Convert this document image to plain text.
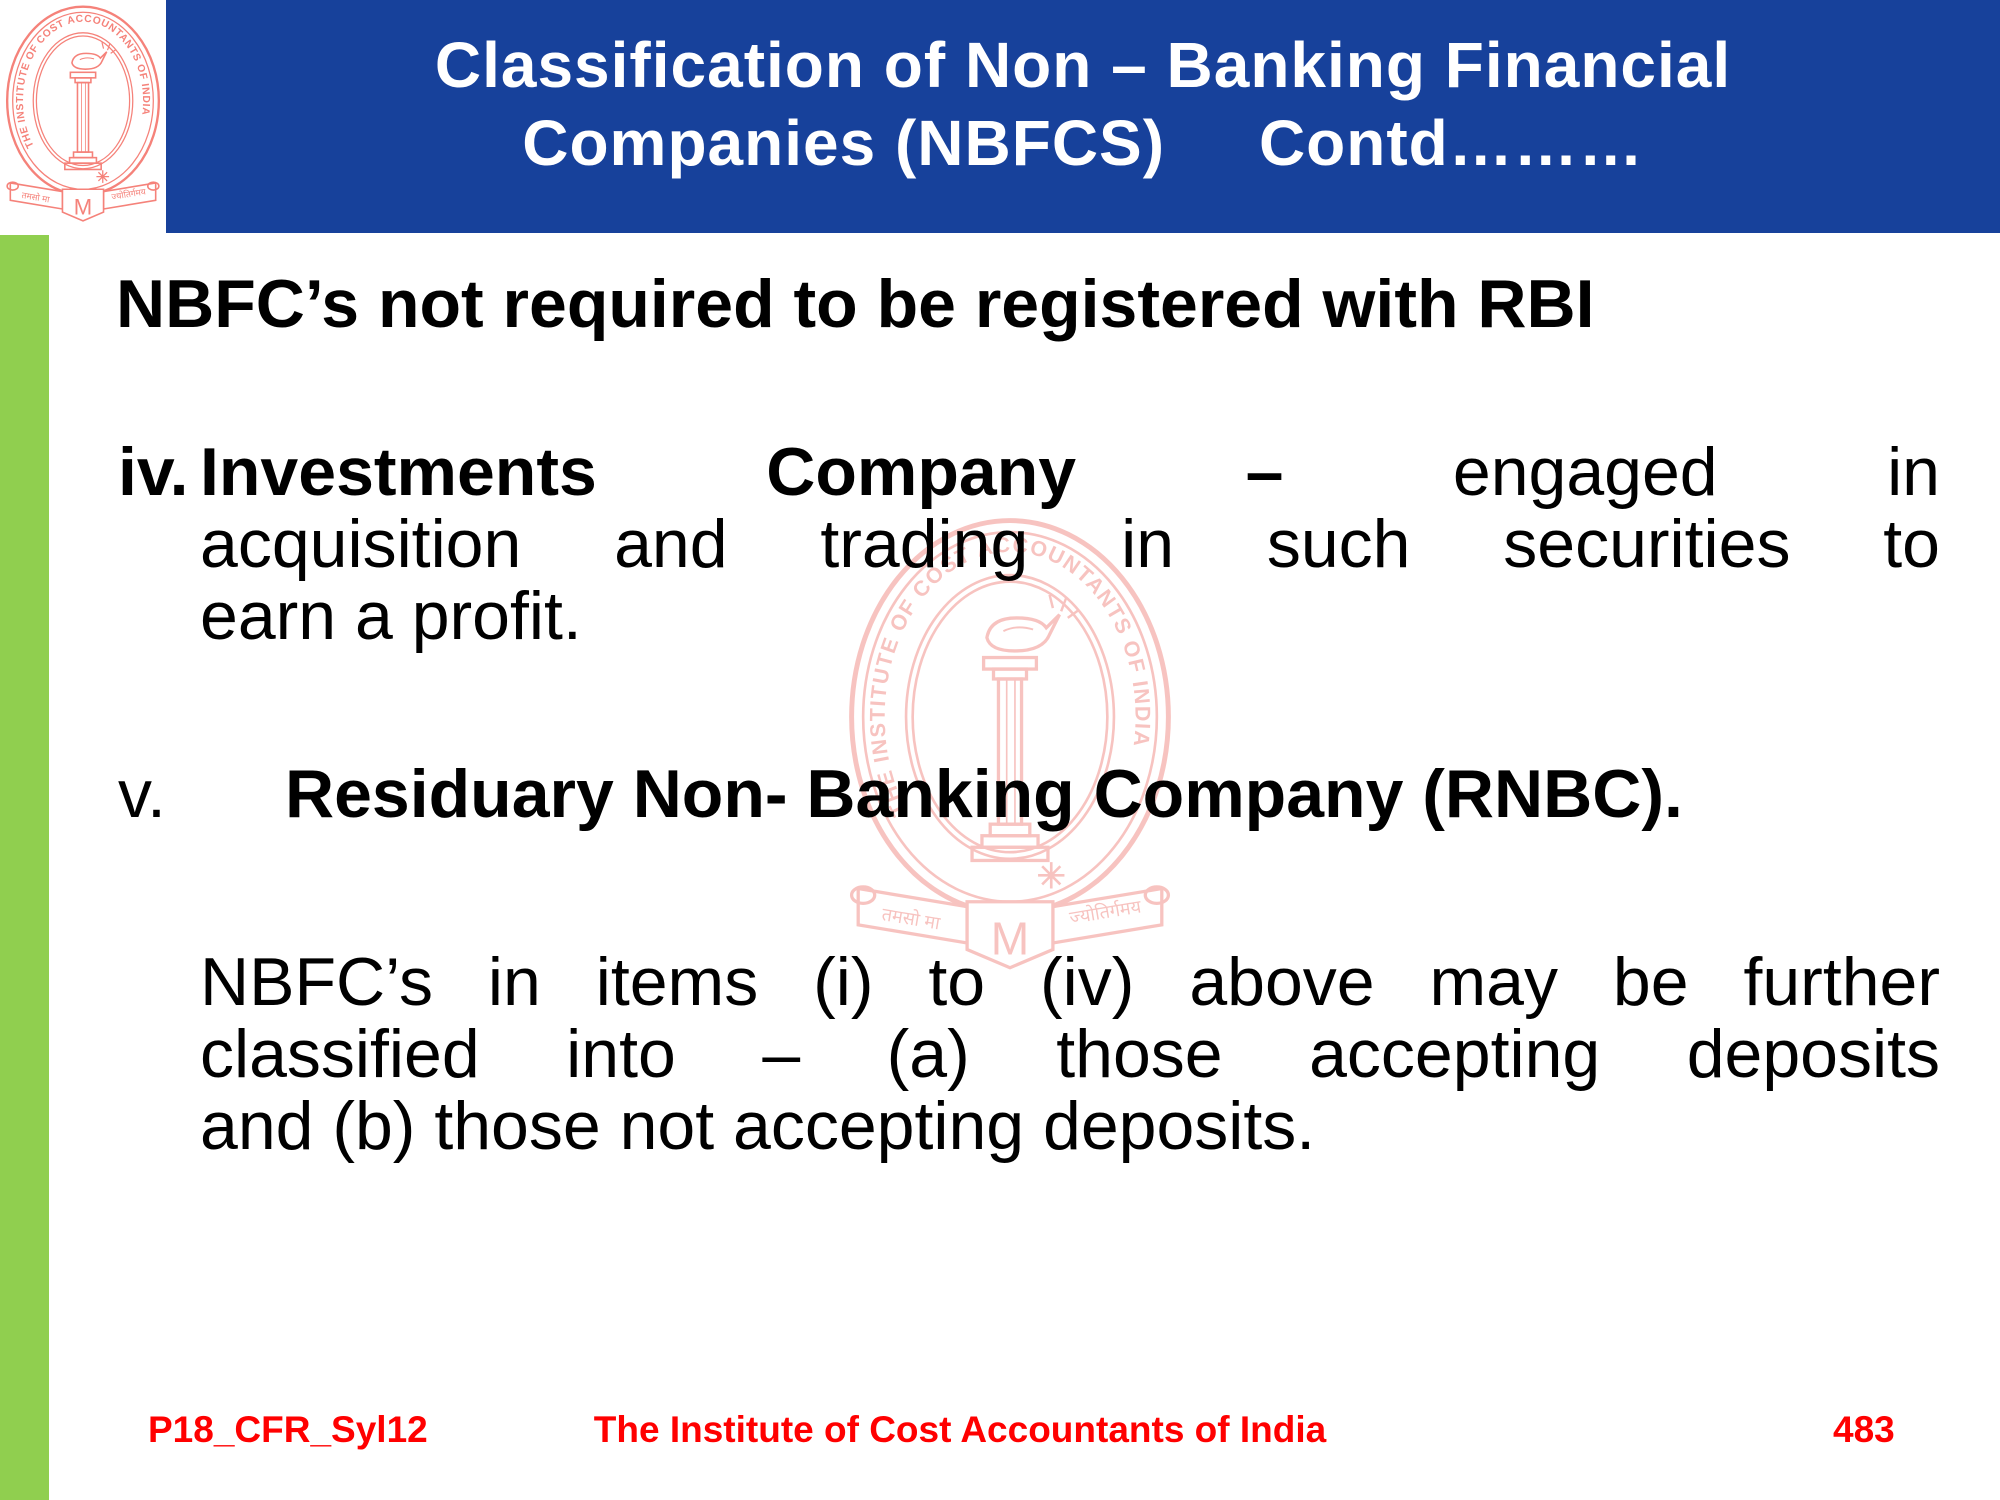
Classification of Non – Banking Financial
Companies (NBFCS)     Contd………
NBFC’s not required to be registered with RBI
iv. Investments Company – engaged in
acquisition and trading in such securities to
earn a profit.
v.	Residuary Non- Banking Company (RNBC).
NBFC’s in items (i) to (iv) above may be further
classified into – (a) those accepting deposits
and (b) those not accepting deposits.
P18_CFR_Syl12	The Institute of Cost Accountants of India	483
